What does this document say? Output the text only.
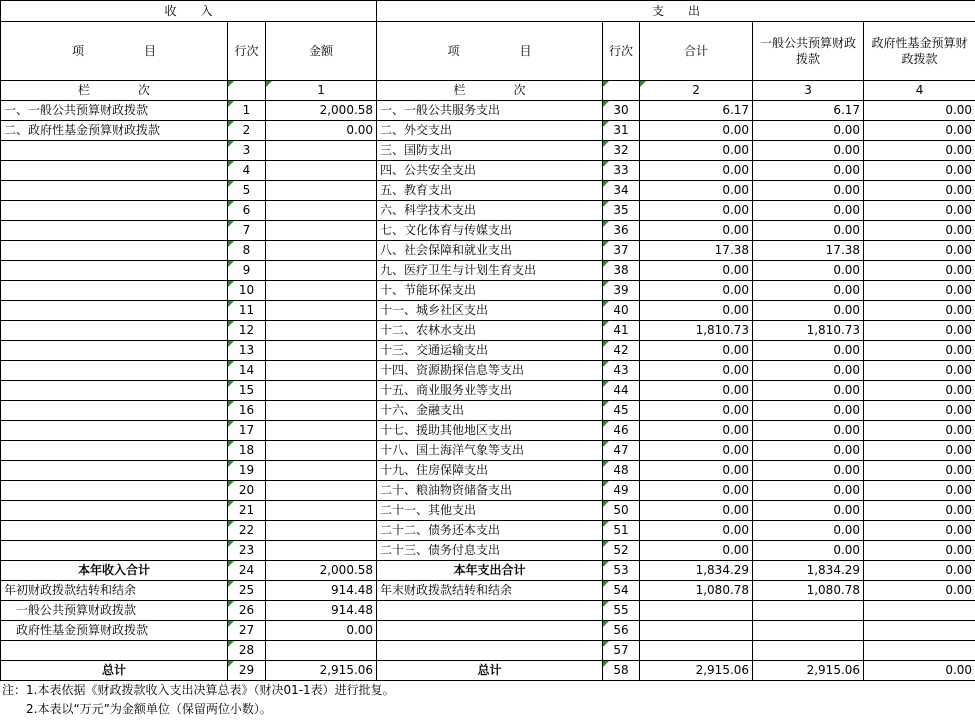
收　　入			支　　出				
项　　　　　目	行次	金额	项　　　　　目	行次	合计	一般公共预算财政拨款	政府性基金预算财政拨款
栏　　　　次		1	栏　　　　次		2	3	4
一、一般公共预算财政拨款	1	2,000.58	一、一般公共服务支出	30	6.17	6.17	0.00
二、政府性基金预算财政拨款	2	0.00	二、外交支出	31	0.00	0.00	0.00
	3		三、国防支出	32	0.00	0.00	0.00
	4		四、公共安全支出	33	0.00	0.00	0.00
	5		五、教育支出	34	0.00	0.00	0.00
	6		六、科学技术支出	35	0.00	0.00	0.00
	7		七、文化体育与传媒支出	36	0.00	0.00	0.00
	8		八、社会保障和就业支出	37	17.38	17.38	0.00
	9		九、医疗卫生与计划生育支出	38	0.00	0.00	0.00
	10		十、节能环保支出	39	0.00	0.00	0.00
	11		十一、城乡社区支出	40	0.00	0.00	0.00
	12		十二、农林水支出	41	1,810.73	1,810.73	0.00
	13		十三、交通运输支出	42	0.00	0.00	0.00
	14		十四、资源勘探信息等支出	43	0.00	0.00	0.00
	15		十五、商业服务业等支出	44	0.00	0.00	0.00
	16		十六、金融支出	45	0.00	0.00	0.00
	17		十七、援助其他地区支出	46	0.00	0.00	0.00
	18		十八、国土海洋气象等支出	47	0.00	0.00	0.00
	19		十九、住房保障支出	48	0.00	0.00	0.00
	20		二十、粮油物资储备支出	49	0.00	0.00	0.00
	21		二十一、其他支出	50	0.00	0.00	0.00
	22		二十二、债务还本支出	51	0.00	0.00	0.00
	23		二十三、债务付息支出	52	0.00	0.00	0.00
本年收入合计	24	2,000.58	本年支出合计	53	1,834.29	1,834.29	0.00
年初财政拨款结转和结余	25	914.48	年末财政拨款结转和结余	54	1,080.78	1,080.78	0.00
　一般公共预算财政拨款	26	914.48		55			
　政府性基金预算财政拨款	27	0.00		56			
	28			57			
总计	29	2,915.06	总计	58	2,915.06	2,915.06	0.00
注：1.本表依据《财政拨款收入支出决算总表》（财决01-1表）进行批复。
　　2.本表以“万元”为金额单位（保留两位小数）。
